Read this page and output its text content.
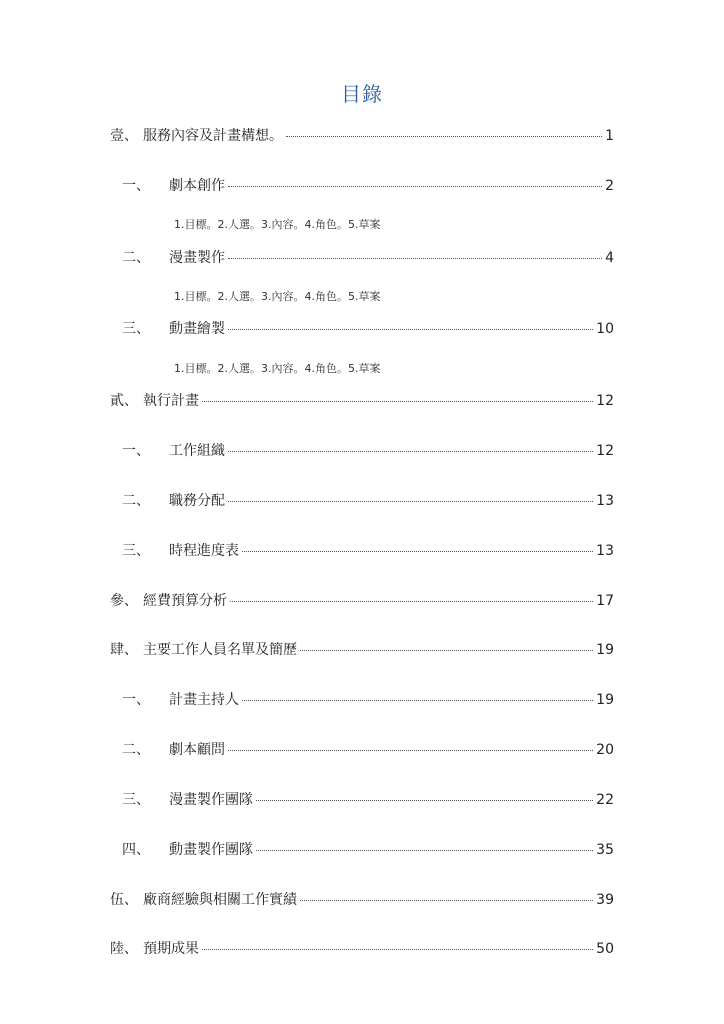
目錄
壹、 服務內容及計畫構想。	1
一、	劇本創作	2
1.目標。2.人選。3.內容。4.角色。5.草案
二、	漫畫製作	4
1.目標。2.人選。3.內容。4.角色。5.草案
三、	動畫繪製	10
1.目標。2.人選。3.內容。4.角色。5.草案
貳、 執行計畫	12
一、	工作組織	12
二、	職務分配	13
三、	時程進度表	13
參、 經費預算分析	17
肆、 主要工作人員名單及簡歷	19
一、	計畫主持人	19
二、	劇本顧問	20
三、	漫畫製作團隊	22
四、	動畫製作團隊	35
伍、 廠商經驗與相關工作實績	39
陸、 預期成果	50
